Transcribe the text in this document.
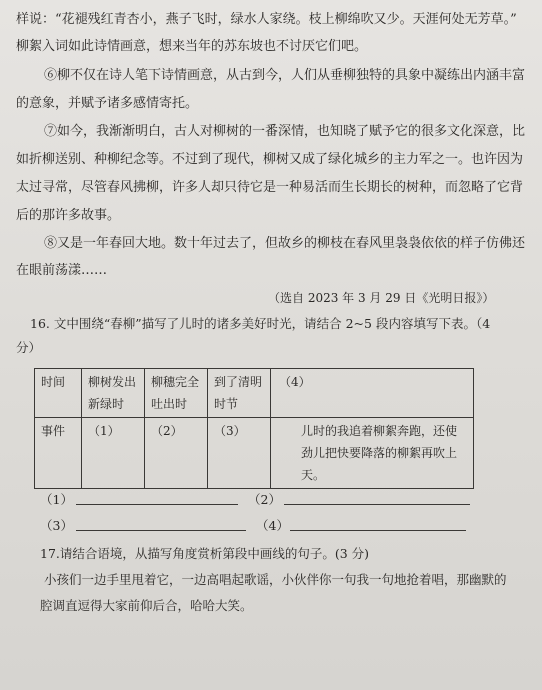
样说：“花褪残红青杏小，燕子飞时，绿水人家绕。枝上柳绵吹又少。天涯何处无芳草。”
柳絮入词如此诗情画意，想来当年的苏东坡也不讨厌它们吧。
⑥柳不仅在诗人笔下诗情画意，从古到今，人们从垂柳独特的具象中凝练出内涵丰富
的意象，并赋予诸多感情寄托。
⑦如今，我渐渐明白，古人对柳树的一番深情，也知晓了赋予它的很多文化深意，比
如折柳送别、种柳纪念等。不过到了现代，柳树又成了绿化城乡的主力军之一。也许因为
太过寻常，尽管春风拂柳，许多人却只待它是一种易活而生长期长的树种，而忽略了它背
后的那许多故事。
⑧又是一年春回大地。数十年过去了，但故乡的柳枝在春风里袅袅依依的样子仿佛还
在眼前荡漾……
（选自 2023 年 3 月 29 日《光明日报》）
16. 文中围绕“春柳”描写了儿时的诸多美好时光，请结合 2~5 段内容填写下表。（4
分）
时间	柳树发出新绿时	柳穗完全吐出时	到了清明时节	（4）
事件	（1）	（2）	（3）	儿时的我追着柳絮奔跑，还使劲儿把快要降落的柳絮再吹上天。
（1）	（2）
（3）	（4）
17.请结合语境，从描写角度赏析第段中画线的句子。(3 分)
小孩们一边手里甩着它，一边高唱起歌谣，小伙伴你一句我一句地抢着唱，那幽默的
腔调直逗得大家前仰后合，哈哈大笑。
